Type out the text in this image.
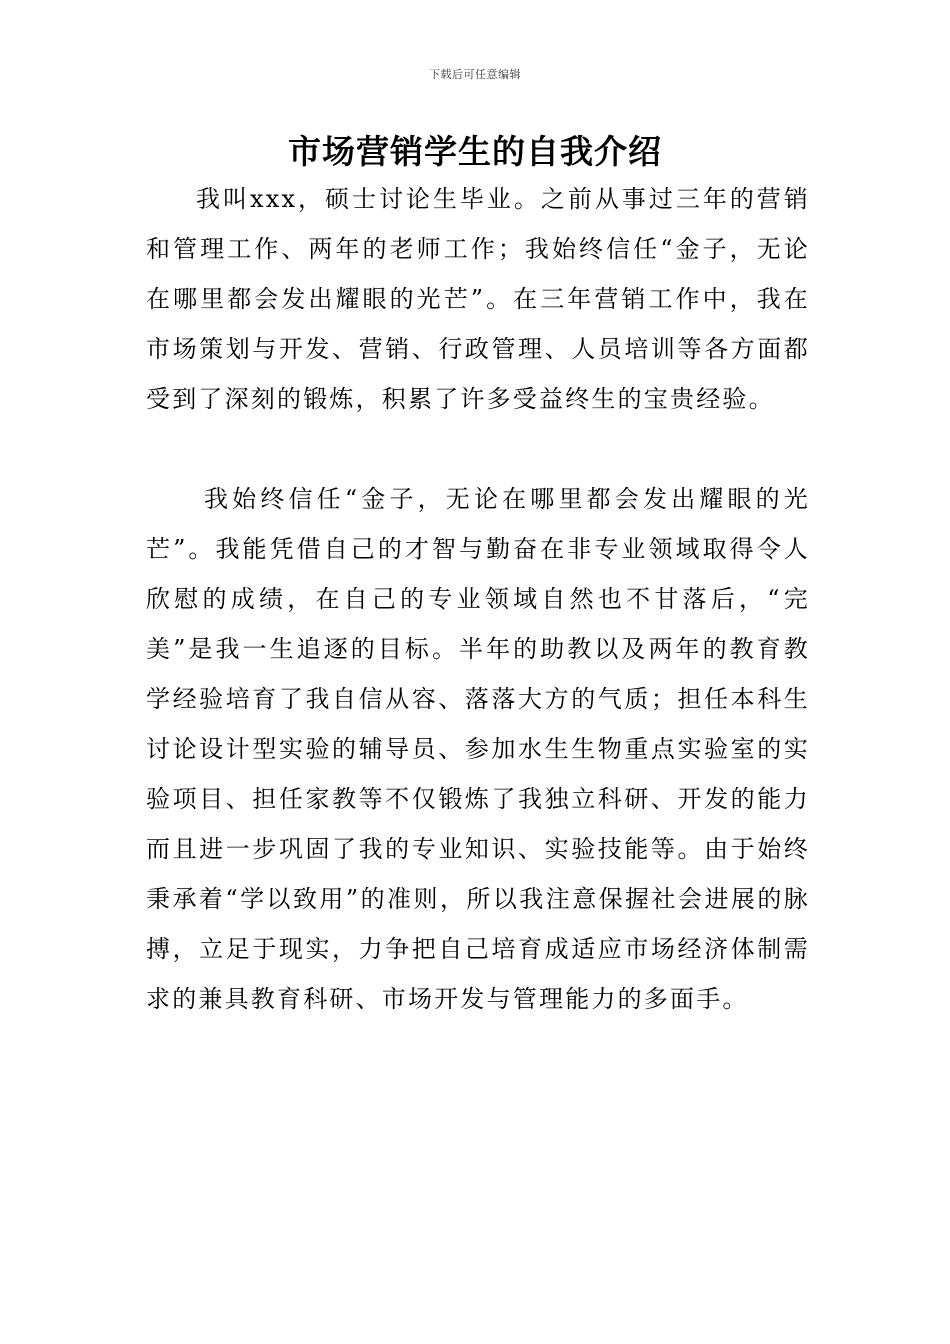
下载后可任意编辑
市场营销学生的自我介绍

我叫xxx，硕士讨论生毕业。之前从事过三年的营销和管理工作、两年的老师工作；我始终信任“金子，无论在哪里都会发出耀眼的光芒”。在三年营销工作中，我在市场策划与开发、营销、行政管理、人员培训等各方面都受到了深刻的锻炼，积累了许多受益终生的宝贵经验。

我始终信任“金子，无论在哪里都会发出耀眼的光芒”。我能凭借自己的才智与勤奋在非专业领域取得令人欣慰的成绩，在自己的专业领域自然也不甘落后，“完美”是我一生追逐的目标。半年的助教以及两年的教育教学经验培育了我自信从容、落落大方的气质；担任本科生讨论设计型实验的辅导员、参加水生生物重点实验室的实验项目、担任家教等不仅锻炼了我独立科研、开发的能力而且进一步巩固了我的专业知识、实验技能等。由于始终秉承着“学以致用”的准则，所以我注意保握社会进展的脉搏，立足于现实，力争把自己培育成适应市场经济体制需求的兼具教育科研、市场开发与管理能力的多面手。
